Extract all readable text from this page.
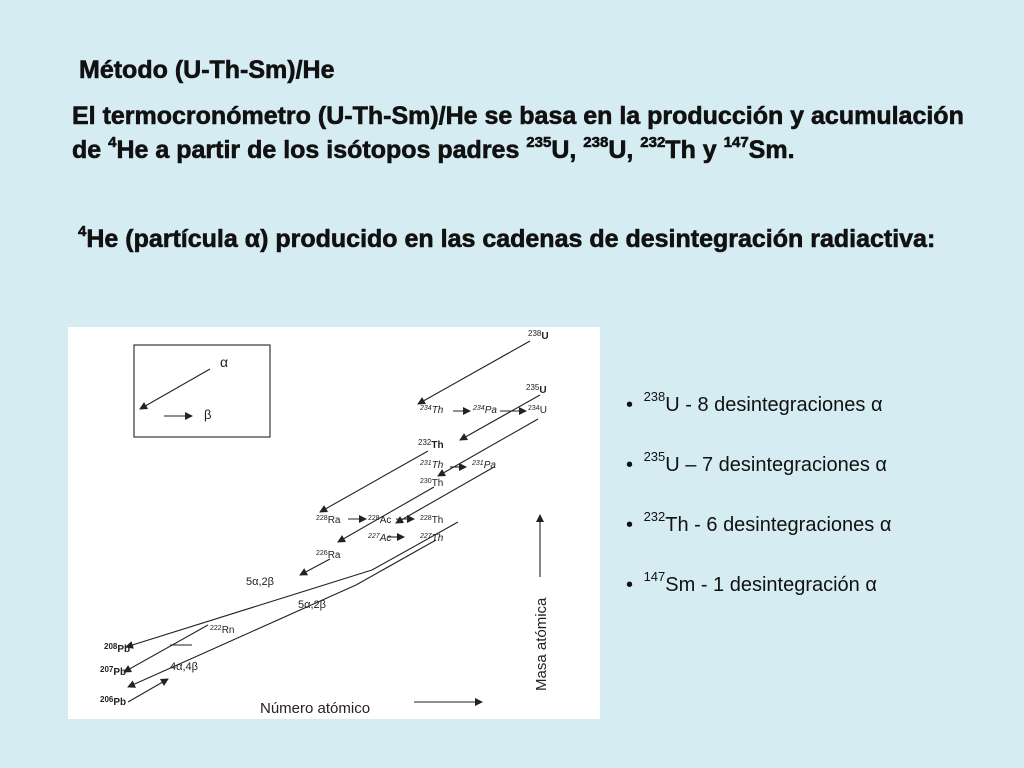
Método (U-Th-Sm)/He
El termocronómetro (U-Th-Sm)/He se basa en la producción y acumulación de $^4$He a partir de los isótopos padres $^{235}$U, $^{238}$U, $^{232}$Th y $^{147}$Sm.
$^4$He (partícula α) producido en las cadenas de desintegración radiactiva:
α
β
$^{238}$U
$^{235}$U
$^{234}$Th	$^{234}$Pa	$^{234}$U
$^{232}$Th
$^{231}$Th	$^{231}$Pa
$^{230}$Th
$^{228}$Ra	$^{228}$Ac	$^{228}$Th
$^{227}$Ac	$^{227}$Th
$^{226}$Ra
$^{222}$Rn
$^{208}$Pb
$^{207}$Pb
$^{206}$Pb
5α,2β
5α,2β
4α,4β
Número atómico
Masa atómica
• $^{238}$U - 8 desintegraciones α
• $^{235}$U – 7 desintegraciones α
• $^{232}$Th - 6 desintegraciones α
• $^{147}$Sm - 1 desintegración α
